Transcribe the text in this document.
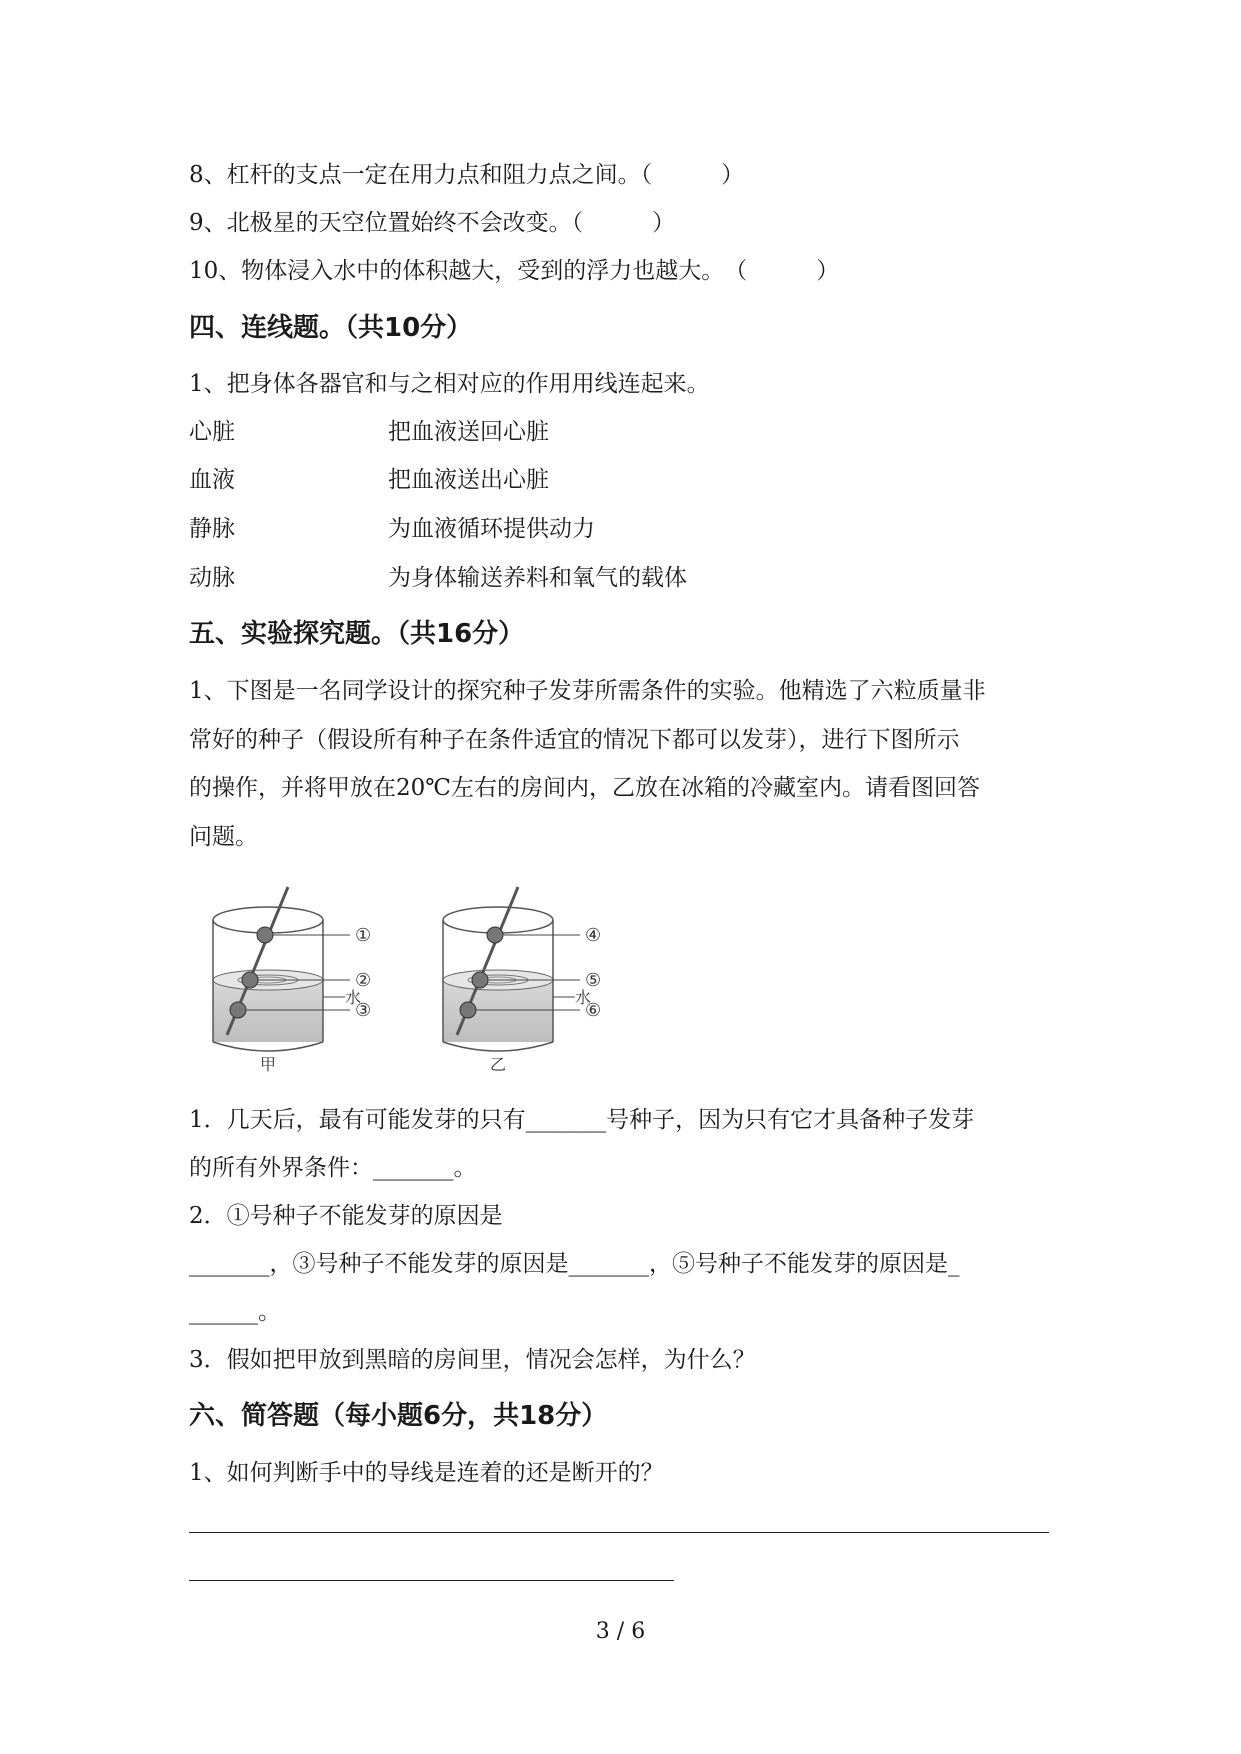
8、杠杆的支点一定在用力点和阻力点之间。（　　　）
9、北极星的天空位置始终不会改变。（　　　）
10、物体浸入水中的体积越大，受到的浮力也越大。　（　　　）
四、连线题。（共10分）
1、把身体各器官和与之相对应的作用用线连起来。
心脏	把血液送回心脏
血液	把血液送出心脏
静脉	为血液循环提供动力
动脉	为身体输送养料和氧气的载体
五、实验探究题。（共16分）
1、下图是一名同学设计的探究种子发芽所需条件的实验。他精选了六粒质量非
常好的种子（假设所有种子在条件适宜的情况下都可以发芽），进行下图所示
的操作，并将甲放在20℃左右的房间内，乙放在冰箱的冷藏室内。请看图回答
问题。
①
②
水
③
甲
④
⑤
水
⑥
乙
1．几天后，最有可能发芽的只有_______号种子，因为只有它才具备种子发芽
的所有外界条件：_______。
2．①号种子不能发芽的原因是
_______，③号种子不能发芽的原因是_______，⑤号种子不能发芽的原因是_
______。
3．假如把甲放到黑暗的房间里，情况会怎样，为什么？
六、简答题（每小题6分，共18分）
1、如何判断手中的导线是连着的还是断开的？
3 / 6
